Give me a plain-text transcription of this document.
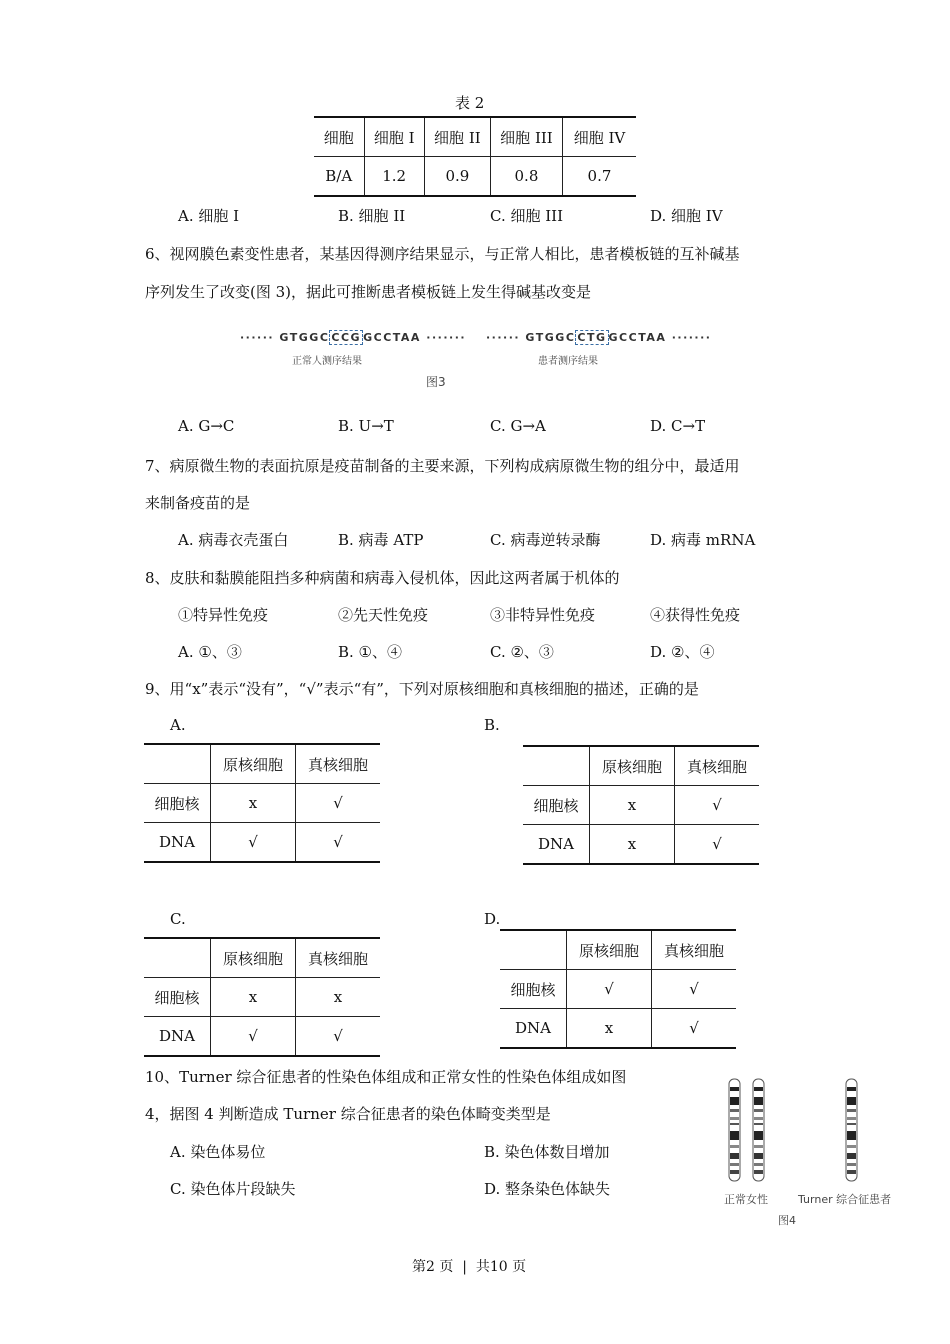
表 2
细胞	细胞 I	细胞 II	细胞 III	细胞 IV
B/A	1.2	0.9	0.8	0.7
A. 细胞 I	B. 细胞 II	C. 细胞 III	D. 细胞 IV
6、视网膜色素变性患者，某基因得测序结果显示，与正常人相比，患者模板链的互补碱基
序列发生了改变(图 3)，据此可推断患者模板链上发生得碱基改变是
······ GTGGC CCG GCCTAA ·······
正常人测序结果
······ GTGGC CTG GCCTAA ·······
患者测序结果
图3
A. G→C	B. U→T	C. G→A	D. C→T
7、病原微生物的表面抗原是疫苗制备的主要来源，下列构成病原微生物的组分中，最适用
来制备疫苗的是
A. 病毒衣壳蛋白	B. 病毒 ATP	C. 病毒逆转录酶	D. 病毒 mRNA
8、皮肤和黏膜能阻挡多种病菌和病毒入侵机体，因此这两者属于机体的
①特异性免疫	②先天性免疫	③非特异性免疫	④获得性免疫
A. ①、③	B. ①、④	C. ②、③	D. ②、④
9、用“x”表示“没有”，“√”表示“有”，下列对原核细胞和真核细胞的描述，正确的是
A.
	原核细胞	真核细胞
细胞核	x	√
DNA	√	√
B.
	原核细胞	真核细胞
细胞核	x	√
DNA	x	√
C.
	原核细胞	真核细胞
细胞核	x	x
DNA	√	√
D.
	原核细胞	真核细胞
细胞核	√	√
DNA	x	√
10、Turner 综合征患者的性染色体组成和正常女性的性染色体组成如图
4，据图 4 判断造成 Turner 综合征患者的染色体畸变类型是
A. 染色体易位	B. 染色体数目增加
C. 染色体片段缺失	D. 整条染色体缺失
正常女性	Turner 综合征患者
图4
第2 页  |  共10 页
